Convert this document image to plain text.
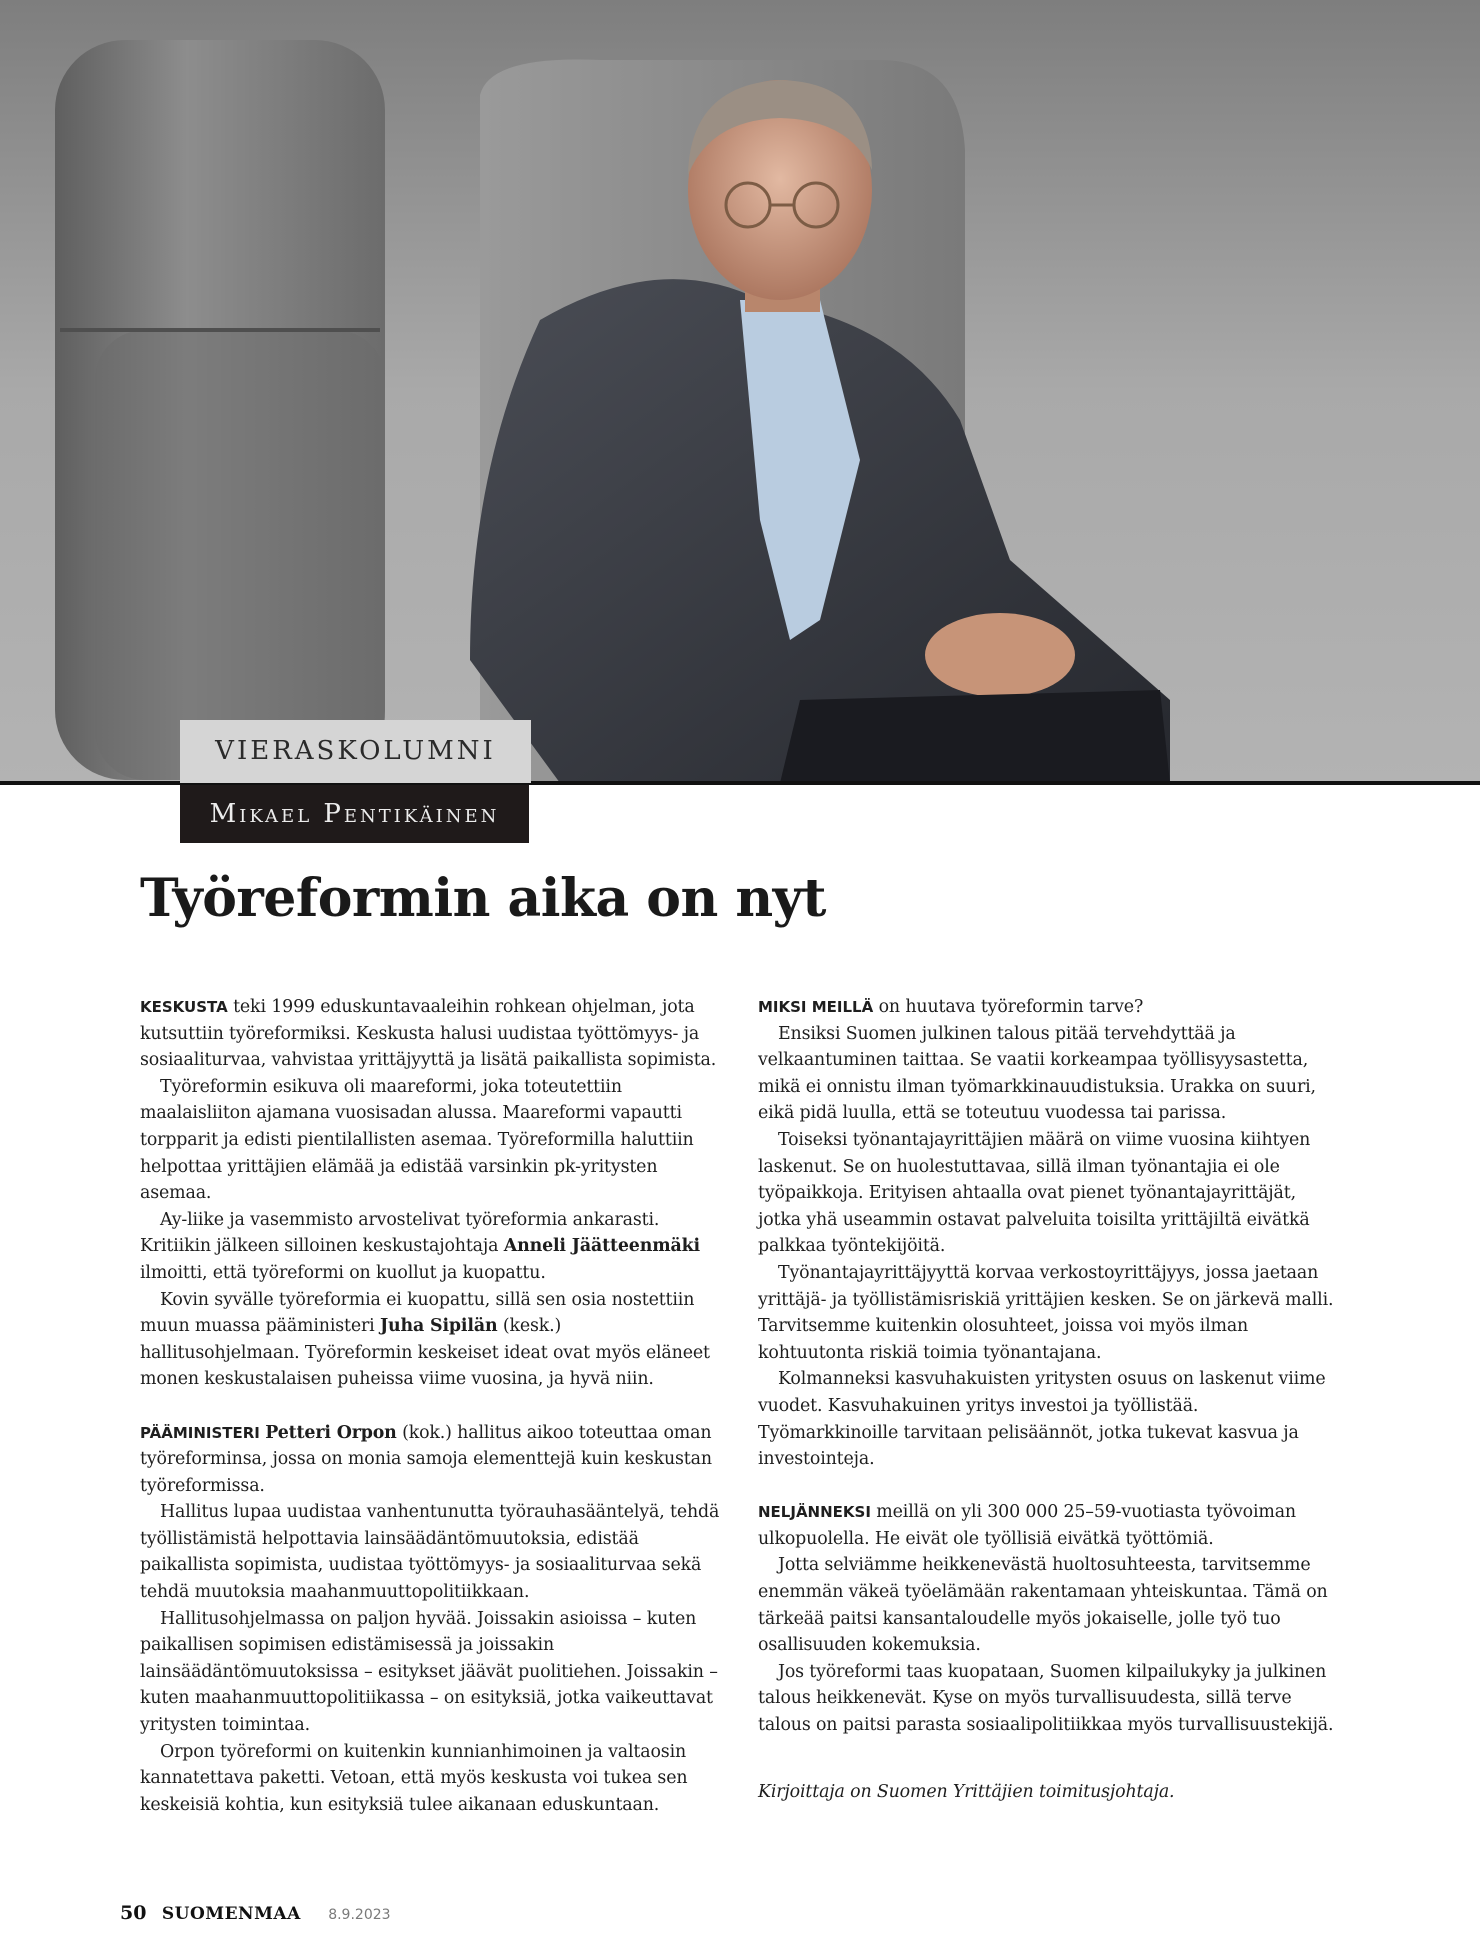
VIERASKOLUMNI
Mikael Pentikäinen
Työreformin aika on nyt

KESKUSTA teki 1999 eduskuntavaaleihin rohkean ohjelman, jota kutsuttiin työreformiksi. Keskusta halusi uudistaa työttömyys- ja sosiaaliturvaa, vahvistaa yrittäjyyttä ja lisätä paikallista sopimista.

Työreformin esikuva oli maareformi, joka toteutettiin maalaisliiton ajamana vuosisadan alussa. Maareformi vapautti torpparit ja edisti pientilallisten asemaa. Työreformilla haluttiin helpottaa yrittäjien elämää ja edistää varsinkin pk-yritysten asemaa.

Ay-liike ja vasemmisto arvostelivat työreformia ankarasti. Kritiikin jälkeen silloinen keskustajohtaja Anneli Jäätteenmäki ilmoitti, että työreformi on kuollut ja kuopattu.

Kovin syvälle työreformia ei kuopattu, sillä sen osia nostettiin muun muassa pääministeri Juha Sipilän (kesk.) hallitusohjelmaan. Työreformin keskeiset ideat ovat myös eläneet monen keskustalaisen puheissa viime vuosina, ja hyvä niin.

PÄÄMINISTERI Petteri Orpon (kok.) hallitus aikoo toteuttaa oman työreforminsa, jossa on monia samoja elementtejä kuin keskustan työreformissa.

Hallitus lupaa uudistaa vanhentunutta työrauhasääntelyä, tehdä työllistämistä helpottavia lainsäädäntömuutoksia, edistää paikallista sopimista, uudistaa työttömyys- ja sosiaaliturvaa sekä tehdä muutoksia maahanmuuttopolitiikkaan.

Hallitusohjelmassa on paljon hyvää. Joissakin asioissa – kuten paikallisen sopimisen edistämisessä ja joissakin lainsäädäntömuutoksissa – esitykset jäävät puolitiehen. Joissakin – kuten maahanmuuttopolitiikassa – on esityksiä, jotka vaikeuttavat yritysten toimintaa.

Orpon työreformi on kuitenkin kunnianhimoinen ja valtaosin kannatettava paketti. Vetoan, että myös keskusta voi tukea sen keskeisiä kohtia, kun esityksiä tulee aikanaan eduskuntaan.

MIKSI MEILLÄ on huutava työreformin tarve?

Ensiksi Suomen julkinen talous pitää tervehdyttää ja velkaantuminen taittaa. Se vaatii korkeampaa työllisyysastetta, mikä ei onnistu ilman työmarkkinauudistuksia. Urakka on suuri, eikä pidä luulla, että se toteutuu vuodessa tai parissa.

Toiseksi työnantajayrittäjien määrä on viime vuosina kiihtyen laskenut. Se on huolestuttavaa, sillä ilman työnantajia ei ole työpaikkoja. Erityisen ahtaalla ovat pienet työnantajayrittäjät, jotka yhä useammin ostavat palveluita toisilta yrittäjiltä eivätkä palkkaa työntekijöitä.

Työnantajayrittäjyyttä korvaa verkostoyrittäjyys, jossa jaetaan yrittäjä- ja työllistämisriskiä yrittäjien kesken. Se on järkevä malli. Tarvitsemme kuitenkin olosuhteet, joissa voi myös ilman kohtuutonta riskiä toimia työnantajana.

Kolmanneksi kasvuhakuisten yritysten osuus on laskenut viime vuodet. Kasvuhakuinen yritys investoi ja työllistää. Työmarkkinoille tarvitaan pelisäännöt, jotka tukevat kasvua ja investointeja.

NELJÄNNEKSI meillä on yli 300 000 25–59-vuotiasta työvoiman ulkopuolella. He eivät ole työllisiä eivätkä työttömiä.

Jotta selviämme heikkenevästä huoltosuhteesta, tarvitsemme enemmän väkeä työelämään rakentamaan yhteiskuntaa. Tämä on tärkeää paitsi kansantaloudelle myös jokaiselle, jolle työ tuo osallisuuden kokemuksia.

Jos työreformi taas kuopataan, Suomen kilpailukyky ja julkinen talous heikkenevät. Kyse on myös turvallisuudesta, sillä terve talous on paitsi parasta sosiaalipolitiikkaa myös turvallisuustekijä.

Kirjoittaja on Suomen Yrittäjien toimitusjohtaja.

50 SUOMENMAA 8.9.2023
